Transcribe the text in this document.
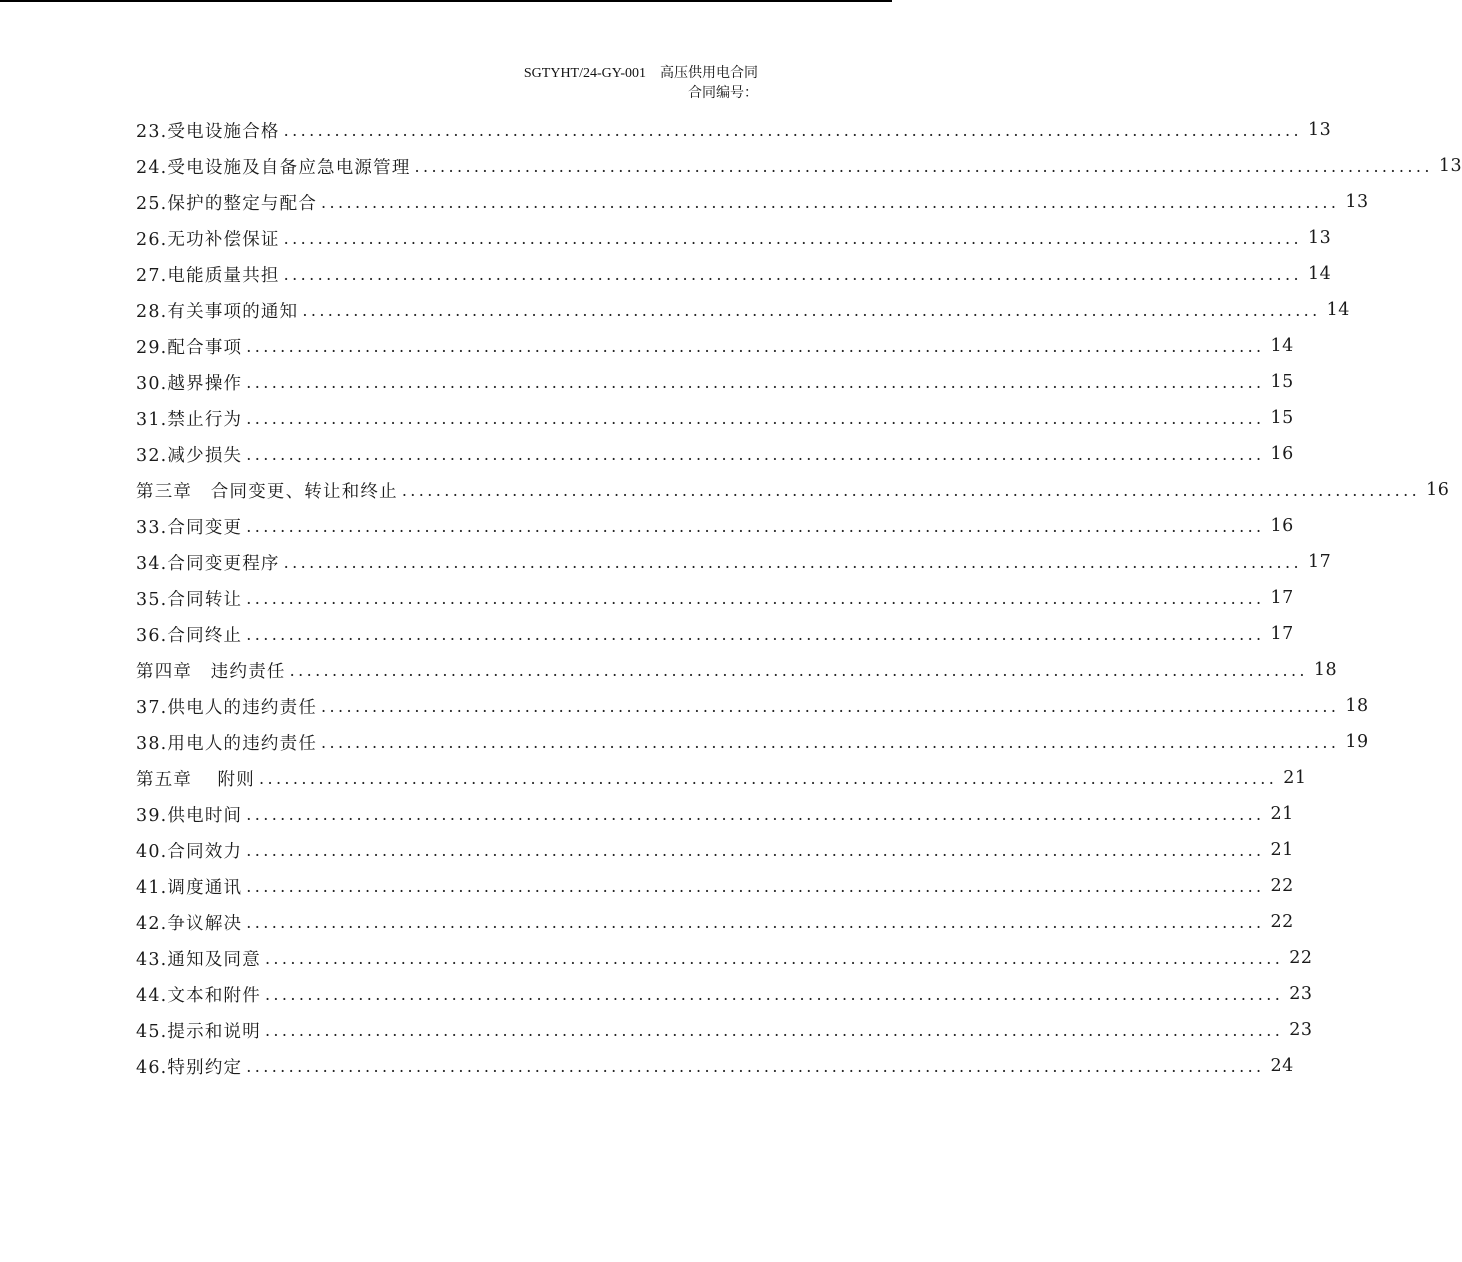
SGTYHT/24-GY-001 高压供用电合同
合同编号：
23.受电设施合格 ........................................................................................................................ 13
24.受电设施及自备应急电源管理 ........................................................................................................................ 13
25.保护的整定与配合 ........................................................................................................................ 13
26.无功补偿保证 ........................................................................................................................ 13
27.电能质量共担 ........................................................................................................................ 14
28.有关事项的通知 ........................................................................................................................ 14
29.配合事项 ........................................................................................................................ 14
30.越界操作 ........................................................................................................................ 15
31.禁止行为 ........................................................................................................................ 15
32.减少损失 ........................................................................................................................ 16
第三章　合同变更、转让和终止 ........................................................................................................................ 16
33.合同变更 ........................................................................................................................ 16
34.合同变更程序 ........................................................................................................................ 17
35.合同转让 ........................................................................................................................ 17
36.合同终止 ........................................................................................................................ 17
第四章　违约责任 ........................................................................................................................ 18
37.供电人的违约责任 ........................................................................................................................ 18
38.用电人的违约责任 ........................................................................................................................ 19
第五章　 附则 ........................................................................................................................ 21
39.供电时间 ........................................................................................................................ 21
40.合同效力 ........................................................................................................................ 21
41.调度通讯 ........................................................................................................................ 22
42.争议解决 ........................................................................................................................ 22
43.通知及同意 ........................................................................................................................ 22
44.文本和附件 ........................................................................................................................ 23
45.提示和说明 ........................................................................................................................ 23
46.特别约定 ........................................................................................................................ 24
